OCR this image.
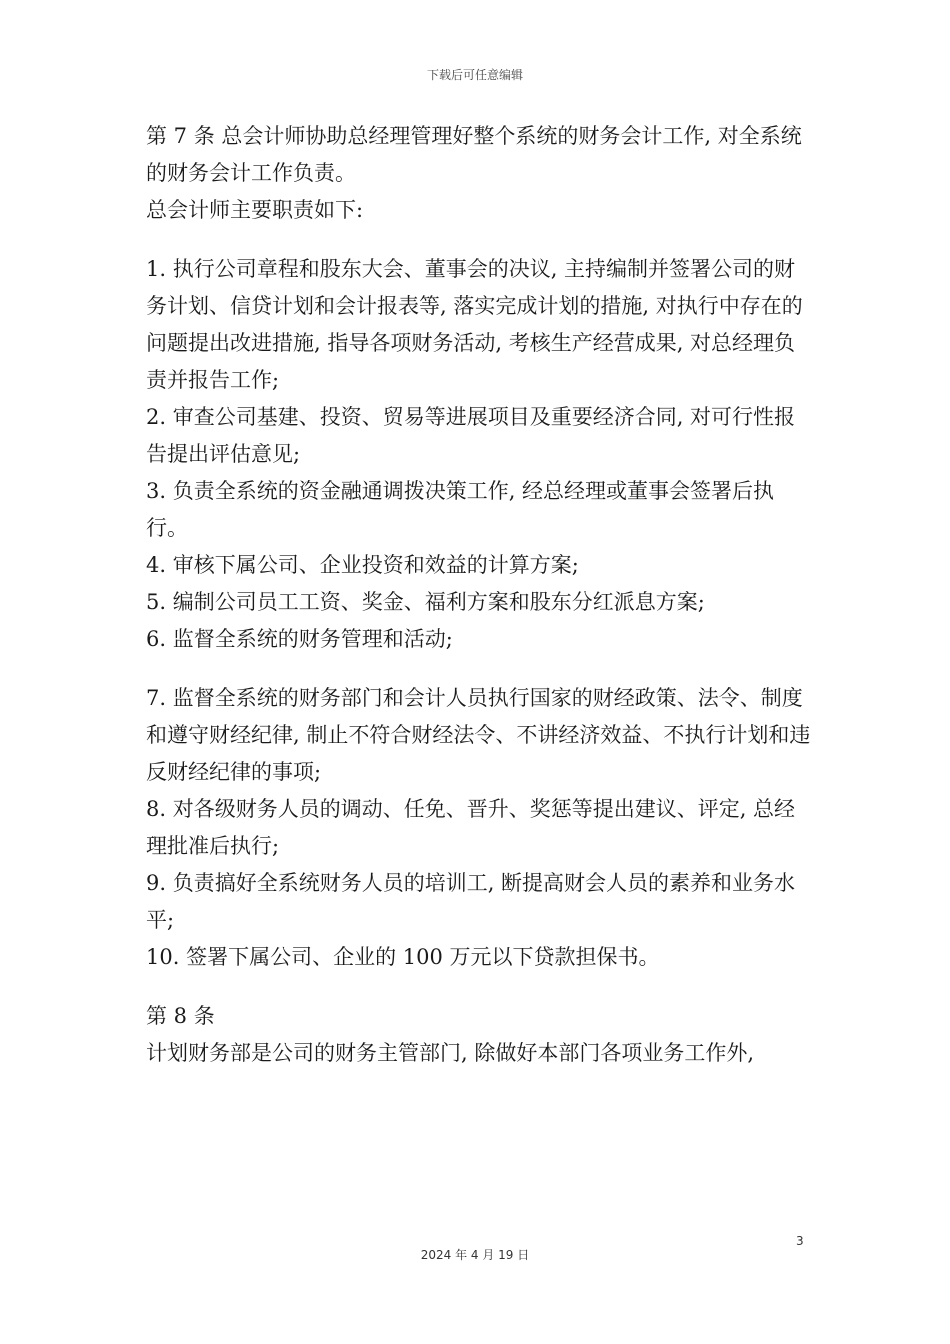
下载后可任意编辑

第 7 条 总会计师协助总经理管理好整个系统的财务会计工作, 对全系统的财务会计工作负责。

总会计师主要职责如下:

1. 执行公司章程和股东大会、董事会的决议, 主持编制并签署公司的财务计划、信贷计划和会计报表等, 落实完成计划的措施, 对执行中存在的问题提出改进措施, 指导各项财务活动, 考核生产经营成果, 对总经理负责并报告工作;

2. 审查公司基建、投资、贸易等进展项目及重要经济合同, 对可行性报告提出评估意见;

3. 负责全系统的资金融通调拨决策工作, 经总经理或董事会签署后执行。

4. 审核下属公司、企业投资和效益的计算方案;

5. 编制公司员工工资、奖金、福利方案和股东分红派息方案;

6. 监督全系统的财务管理和活动;

7. 监督全系统的财务部门和会计人员执行国家的财经政策、法令、制度和遵守财经纪律, 制止不符合财经法令、不讲经济效益、不执行计划和违反财经纪律的事项;

8. 对各级财务人员的调动、任免、晋升、奖惩等提出建议、评定, 总经理批准后执行;

9. 负责搞好全系统财务人员的培训工, 断提高财会人员的素养和业务水平;

10. 签署下属公司、企业的 100 万元以下贷款担保书。

第 8 条

计划财务部是公司的财务主管部门, 除做好本部门各项业务工作外,

3
2024 年 4 月 19 日
